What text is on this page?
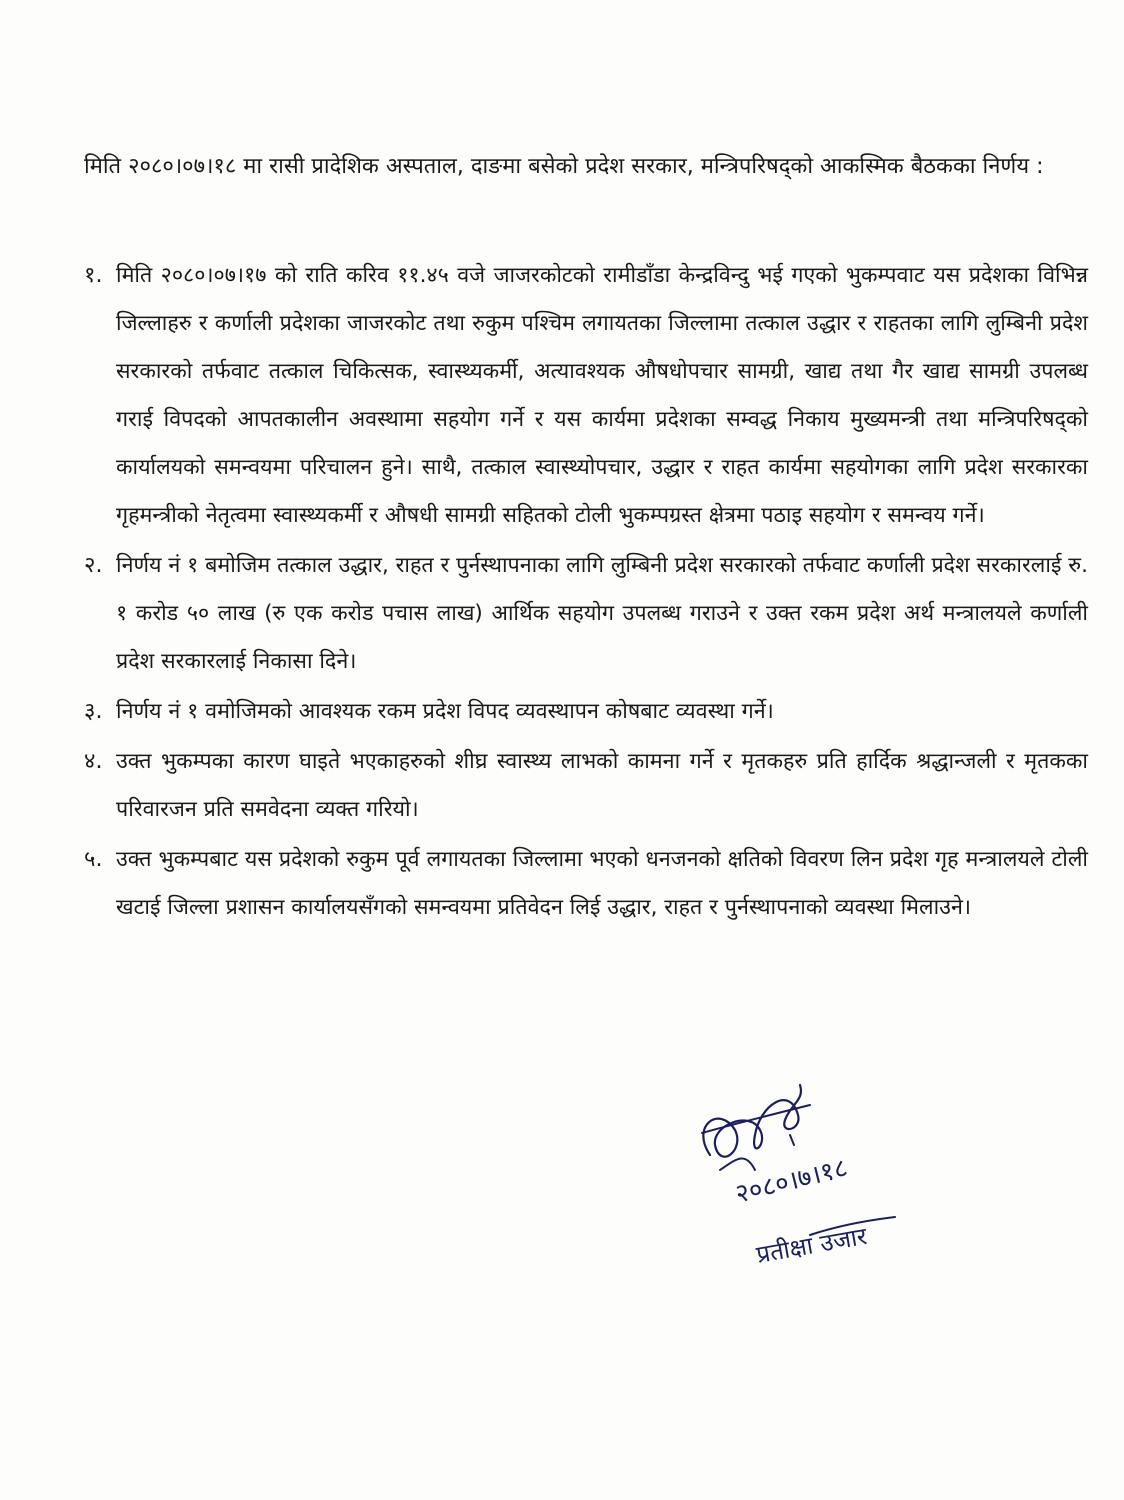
मिति २०८०।०७।१८ मा रासी प्रादेशिक अस्पताल, दाङमा बसेको प्रदेश सरकार, मन्त्रिपरिषद्को आकस्मिक बैठकका निर्णय :

१. मिति २०८०।०७।१७ को राति करिव ११.४५ वजे जाजरकोटको रामीडाँडा केन्द्रविन्दु भई गएको भुकम्पवाट यस प्रदेशका विभिन्न जिल्लाहरु र कर्णाली प्रदेशका जाजरकोट तथा रुकुम पश्चिम लगायतका जिल्लामा तत्काल उद्धार र राहतका लागि लुम्बिनी प्रदेश सरकारको तर्फवाट तत्काल चिकित्सक, स्वास्थ्यकर्मी, अत्यावश्यक औषधोपचार सामग्री, खाद्य तथा गैर खाद्य सामग्री उपलब्ध गराई विपदको आपतकालीन अवस्थामा सहयोग गर्ने र यस कार्यमा प्रदेशका सम्वद्ध निकाय मुख्यमन्त्री तथा मन्त्रिपरिषद्को कार्यालयको समन्वयमा परिचालन हुने। साथै, तत्काल स्वास्थ्योपचार, उद्धार र राहत कार्यमा सहयोगका लागि प्रदेश सरकारका गृहमन्त्रीको नेतृत्वमा स्वास्थ्यकर्मी र औषधी सामग्री सहितको टोली भुकम्पग्रस्त क्षेत्रमा पठाइ सहयोग र समन्वय गर्ने।
२. निर्णय नं १ बमोजिम तत्काल उद्धार, राहत र पुर्नस्थापनाका लागि लुम्बिनी प्रदेश सरकारको तर्फवाट कर्णाली प्रदेश सरकारलाई रु. १ करोड ५० लाख (रु एक करोड पचास लाख) आर्थिक सहयोग उपलब्ध गराउने र उक्त रकम प्रदेश अर्थ मन्त्रालयले कर्णाली प्रदेश सरकारलाई निकासा दिने।
३. निर्णय नं १ वमोजिमको आवश्यक रकम प्रदेश विपद व्यवस्थापन कोषबाट व्यवस्था गर्ने।
४. उक्त भुकम्पका कारण घाइते भएकाहरुको शीघ्र स्वास्थ्य लाभको कामना गर्ने र मृतकहरु प्रति हार्दिक श्रद्धान्जली र मृतकका परिवारजन प्रति समवेदना व्यक्त गरियो।
५. उक्त भुकम्पबाट यस प्रदेशको रुकुम पूर्व लगायतका जिल्लामा भएको धनजनको क्षतिको विवरण लिन प्रदेश गृह मन्त्रालयले टोली खटाई जिल्ला प्रशासन कार्यालयसँगको समन्वयमा प्रतिवेदन लिई उद्धार, राहत र पुर्नस्थापनाको व्यवस्था मिलाउने।
२०८०।७।१८
प्रतीक्षा उजार
